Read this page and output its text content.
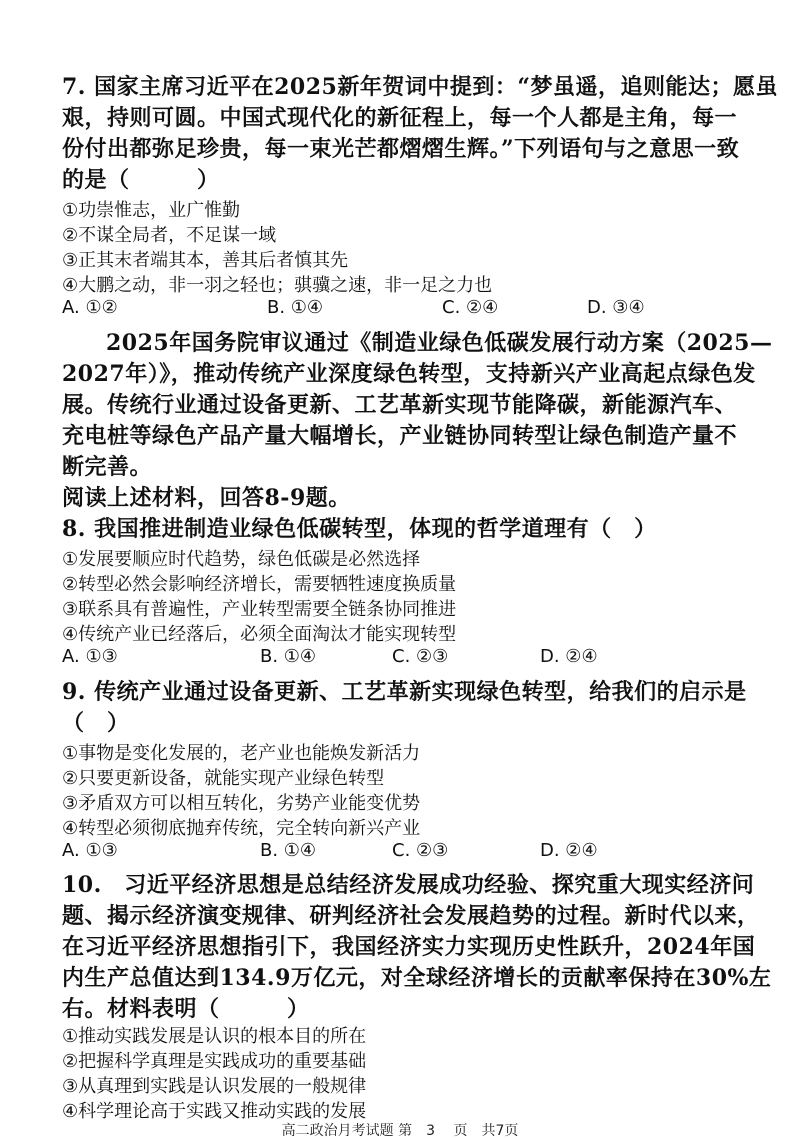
7. 国家主席习近平在2025新年贺词中提到：“梦虽遥，追则能达；愿虽
艰，持则可圆。中国式现代化的新征程上，每一个人都是主角，每一
份付出都弥足珍贵，每一束光芒都熠熠生辉。”下列语句与之意思一致
的是（　　　）
①功崇惟志，业广惟勤
②不谋全局者，不足谋一域
③正其末者端其本，善其后者慎其先
④大鹏之动，非一羽之轻也；骐骥之速，非一足之力也
A. ①②	B. ①④	C. ②④	D. ③④
2025年国务院审议通过《制造业绿色低碳发展行动方案（2025—
2027年）》，推动传统产业深度绿色转型，支持新兴产业高起点绿色发
展。传统行业通过设备更新、工艺革新实现节能降碳，新能源汽车、
充电桩等绿色产品产量大幅增长，产业链协同转型让绿色制造产量不
断完善。
阅读上述材料，回答8-9题。
8. 我国推进制造业绿色低碳转型，体现的哲学道理有（　）
①发展要顺应时代趋势，绿色低碳是必然选择
②转型必然会影响经济增长，需要牺牲速度换质量
③联系具有普遍性，产业转型需要全链条协同推进
④传统产业已经落后，必须全面淘汰才能实现转型
A. ①③	B. ①④	C. ②③	D. ②④
9. 传统产业通过设备更新、工艺革新实现绿色转型，给我们的启示是
（　）
①事物是变化发展的，老产业也能焕发新活力
②只要更新设备，就能实现产业绿色转型
③矛盾双方可以相互转化，劣势产业能变优势
④转型必须彻底抛弃传统，完全转向新兴产业
A. ①③	B. ①④	C. ②③	D. ②④
10.　习近平经济思想是总结经济发展成功经验、探究重大现实经济问
题、揭示经济演变规律、研判经济社会发展趋势的过程。新时代以来，
在习近平经济思想指引下，我国经济实力实现历史性跃升，2024年国
内生产总值达到134.9万亿元，对全球经济增长的贡献率保持在30%左
右。材料表明（　　　）
①推动实践发展是认识的根本目的所在
②把握科学真理是实践成功的重要基础
③从真理到实践是认识发展的一般规律
④科学理论高于实践又推动实践的发展
高二政治月考试题 第　3　 页　共7页
